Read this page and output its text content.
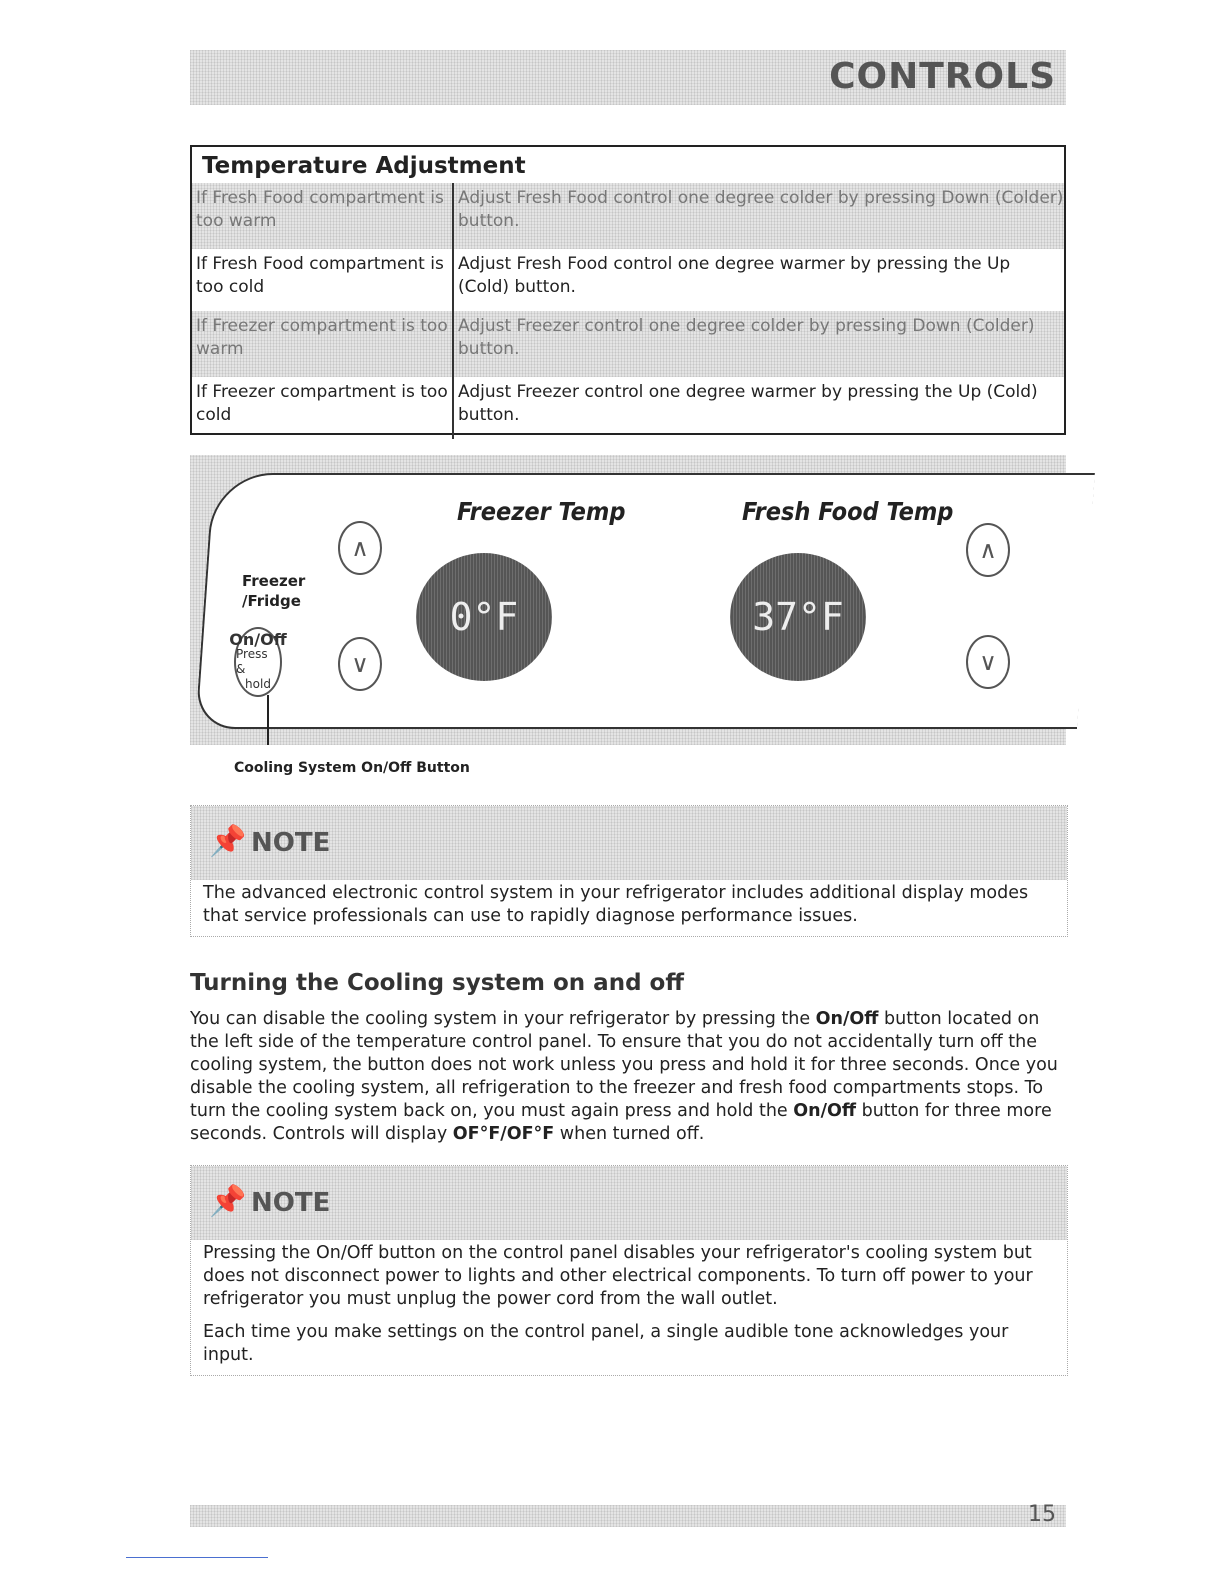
CONTROLS
Temperature Adjustment
If Fresh Food compartment is too warm
Adjust Fresh Food control one degree colder by pressing Down (Colder) button.
If Fresh Food compartment is too cold
Adjust Fresh Food control one degree warmer by pressing the Up (Cold) button.
If Freezer compartment is too warm
Adjust Freezer control one degree colder by pressing Down (Colder) button.
If Freezer compartment is too cold
Adjust Freezer control one degree warmer by pressing the Up (Cold) button.
Freezer Temp	Fresh Food Temp
Freezer
/Fridge
On/Off
Press &
hold
∧
∨
0°F	37°F
∧
∨
Cooling System On/Off Button
📌 NOTE

The advanced electronic control system in your refrigerator includes additional display modes that service professionals can use to rapidly diagnose performance issues.

Turning the Cooling system on and off

You can disable the cooling system in your refrigerator by pressing the On/Off button located on the left side of the temperature control panel. To ensure that you do not accidentally turn off the cooling system, the button does not work unless you press and hold it for three seconds. Once you disable the cooling system, all refrigeration to the freezer and fresh food compartments stops. To turn the cooling system back on, you must again press and hold the On/Off button for three more seconds. Controls will display OF°F/OF°F when turned off.

📌 NOTE

Pressing the On/Off button on the control panel disables your refrigerator's cooling system but does not disconnect power to lights and other electrical components. To turn off power to your refrigerator you must unplug the power cord from the wall outlet.

Each time you make settings on the control panel, a single audible tone acknowledges your input.

15
